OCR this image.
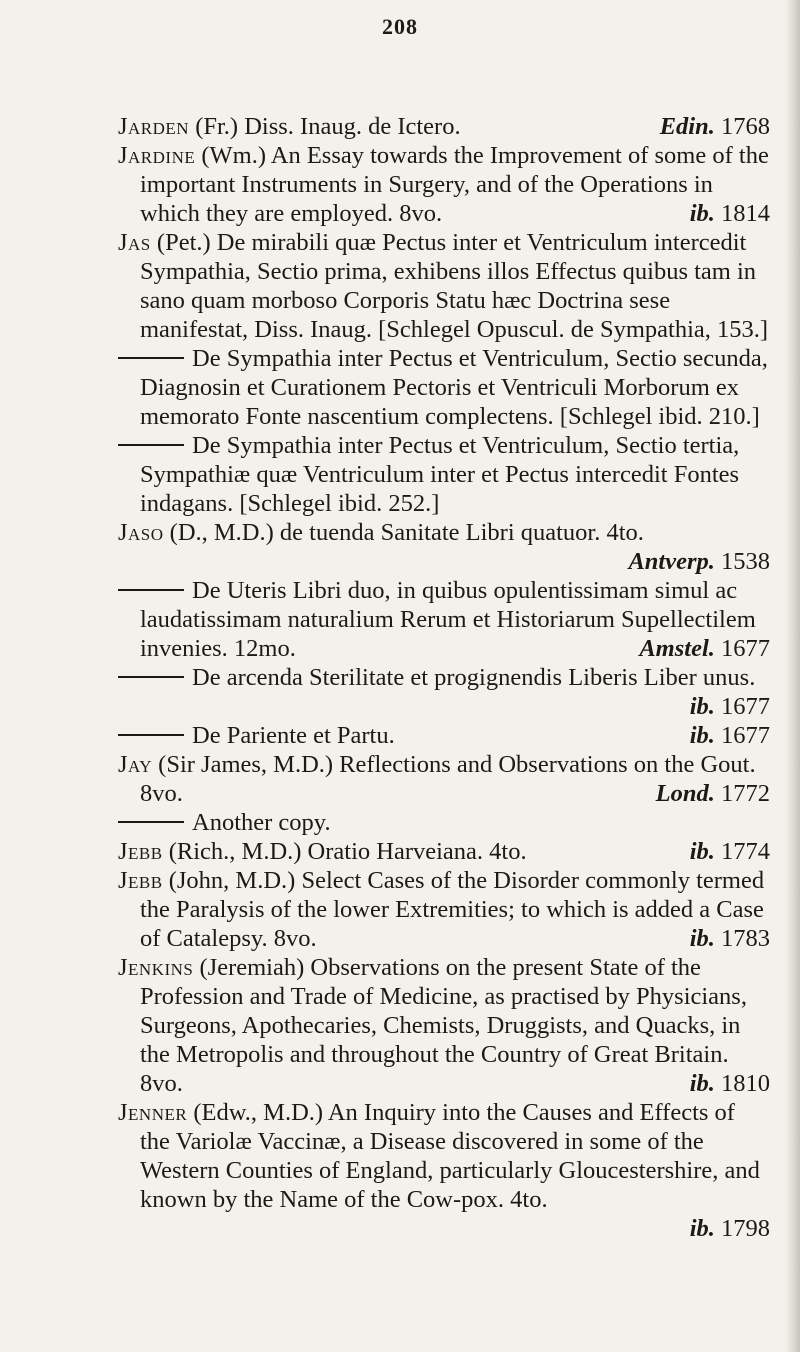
208

Jarden (Fr.) Diss. Inaug. de Ictero.	Edin. 1768

Jardine (Wm.) An Essay towards the Improvement of some of the important Instruments in Surgery, and of the Operations in which they are employed. 8vo.	ib. 1814

Jas (Pet.) De mirabili quæ Pectus inter et Ventriculum intercedit Sympathia, Sectio prima, exhibens illos Effectus quibus tam in sano quam morboso Corporis Statu hæc Doctrina sese manifestat, Diss. Inaug. [Schlegel Opuscul. de Sympathia, 153.]

De Sympathia inter Pectus et Ventriculum, Sectio secunda, Diagnosin et Curationem Pectoris et Ventriculi Morborum ex memorato Fonte nascentium complectens. [Schlegel ibid. 210.]

De Sympathia inter Pectus et Ventriculum, Sectio tertia, Sympathiæ quæ Ventriculum inter et Pectus intercedit Fontes indagans. [Schlegel ibid. 252.]

Jaso (D., M.D.) de tuenda Sanitate Libri quatuor. 4to.
Antverp. 1538

De Uteris Libri duo, in quibus opulentissimam simul ac laudatissimam naturalium Rerum et Historiarum Supellectilem invenies. 12mo.	Amstel. 1677

De arcenda Sterilitate et progignendis Liberis Liber unus.
ib. 1677

De Pariente et Partu.	ib. 1677

Jay (Sir James, M.D.) Reflections and Observations on the Gout. 8vo.	Lond. 1772

Another copy.

Jebb (Rich., M.D.) Oratio Harveiana. 4to.	ib. 1774

Jebb (John, M.D.) Select Cases of the Disorder commonly termed the Paralysis of the lower Extremities; to which is added a Case of Catalepsy. 8vo.	ib. 1783

Jenkins (Jeremiah) Observations on the present State of the Profession and Trade of Medicine, as practised by Physicians, Surgeons, Apothecaries, Chemists, Druggists, and Quacks, in the Metropolis and throughout the Country of Great Britain. 8vo.	ib. 1810

Jenner (Edw., M.D.) An Inquiry into the Causes and Effects of the Variolæ Vaccinæ, a Disease discovered in some of the Western Counties of England, particularly Gloucestershire, and known by the Name of the Cow-pox. 4to.
ib. 1798
